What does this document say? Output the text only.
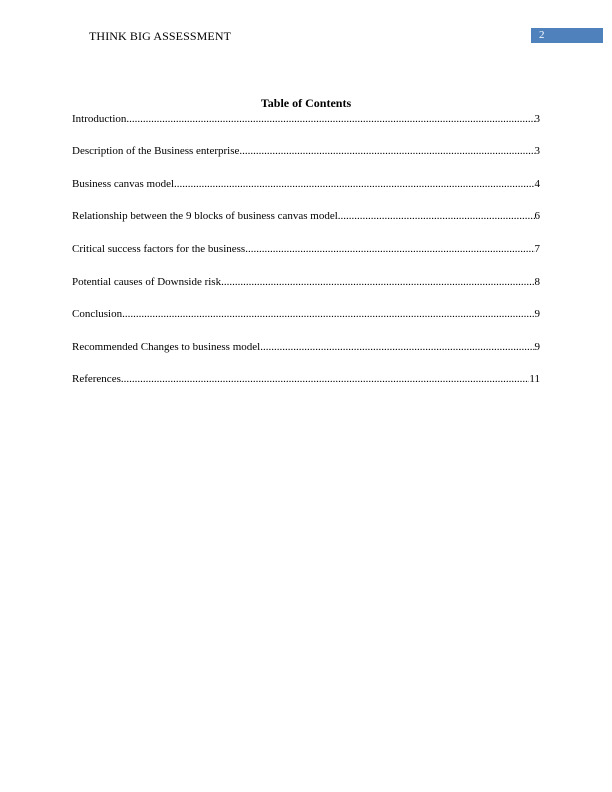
THINK BIG ASSESSMENT	2
Table of Contents
Introduction .....	3
Description of the Business enterprise .....	3
Business canvas model .....	4
Relationship between the 9 blocks of business canvas model .....	6
Critical success factors for the business .....	7
Potential causes of Downside risk .....	8
Conclusion .....	9
Recommended Changes to business model .....	9
References .....	11
